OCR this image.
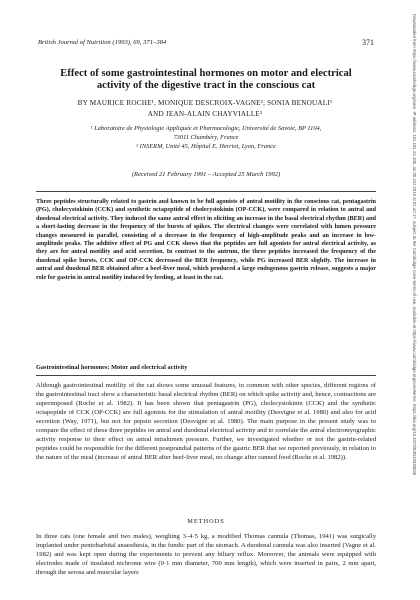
Downloaded from https://www.cambridge.org/core. IP address: 101.181.22.105, on 05 Oct 2019 at 01:42:17, subject to the Cambridge Core terms of use, available at https://www.cambridge.org/core/terms. https://doi.org/10.1079/BJN19930040
British Journal of Nutrition (1993), 69, 371–384	371
Effect of some gastrointestinal hormones on motor and electrical
activity of the digestive tract in the conscious cat
BY MAURICE ROCHE¹, MONIQUE DESCROIX-VAGNE², SONIA BENOUALI¹
AND JEAN-ALAIN CHAYVIALLE²
¹ Laboratoire de Physiologie Appliquée et Pharmacologie, Université de Savoie, BP 1104,
73011 Chambéry, France
² INSERM, Unité 45, Hôpital E. Herriot, Lyon, France
(Received 21 February 1991 – Accepted 25 March 1992)
Three peptides structurally related to gastrin and known to be full agonists of antral motility in the conscious cat, pentagastrin (PG), cholecystokinin (CCK) and synthetic octapeptide of cholecystokinin (OP-CCK), were compared in relation to antral and duodenal electrical activity. They induced the same antral effect in eliciting an increase in the basal electrical rhythm (BER) and a short-lasting decrease in the frequency of the bursts of spikes. The electrical changes were correlated with lumen pressure changes measured in parallel, consisting of a decrease in the frequency of high-amplitude peaks and an increase in low-amplitude peaks. The additive effect of PG and CCK shows that the peptides are full agonists for antral electrical activity, as they are for antral motility and acid secretion. In contrast to the antrum, the three peptides increased the frequency of the duodenal spike bursts, CCK and OP-CCK decreased the BER frequency, while PG increased BER slightly. The increase in antral and duodenal BER obtained after a beef-liver meal, which produced a large endogenous gastrin release, suggests a major role for gastrin in antral motility induced by feeding, at least in the cat.
Gastrointestinal hormones: Motor and electrical activity
Although gastrointestinal motility of the cat shows some unusual features, in common with other species, different regions of the gastrointestinal tract show a characteristic basal electrical rhythm (BER) on which spike activity and, hence, contractions are superimposed (Roche et al. 1982). It has been shown that pentagastrin (PG), cholecystokinin (CCK) and the synthetic octapeptide of CCK (OP-CCK) are full agonists for the stimulation of antral motility (Desvigne et al. 1980) and also for acid secretion (Way, 1971), but not for pepsin secretion (Desvigne et al. 1980). The main purpose in the present study was to compare the effect of these three peptides on antral and duodenal electrical activity and to correlate the antral electromyographic activity response to their effect on antral intralumen pressure. Further, we investigated whether or not the gastrin-related peptides could be responsible for the different postprandial patterns of the gastric BER that we reported previously, in relation to the nature of the meal (increase of antral BER after beef-liver meal, no change after canned food (Roche et al. 1982)).
METHODS
In three cats (one female and two males), weighing 3–4·5 kg, a modified Thomas cannula (Thomas, 1941) was surgically implanted under pentobarbital anaesthesia, in the fundic part of the stomach. A duodenal cannula was also inserted (Vagne et al. 1982) and was kept open during the experiments to prevent any biliary reflux. Moreover, the animals were equipped with electrodes made of insulated nichrome wire (0·1 mm diameter, 700 mm length), which were inserted in pairs, 2 mm apart, through the serosa and muscular layers
